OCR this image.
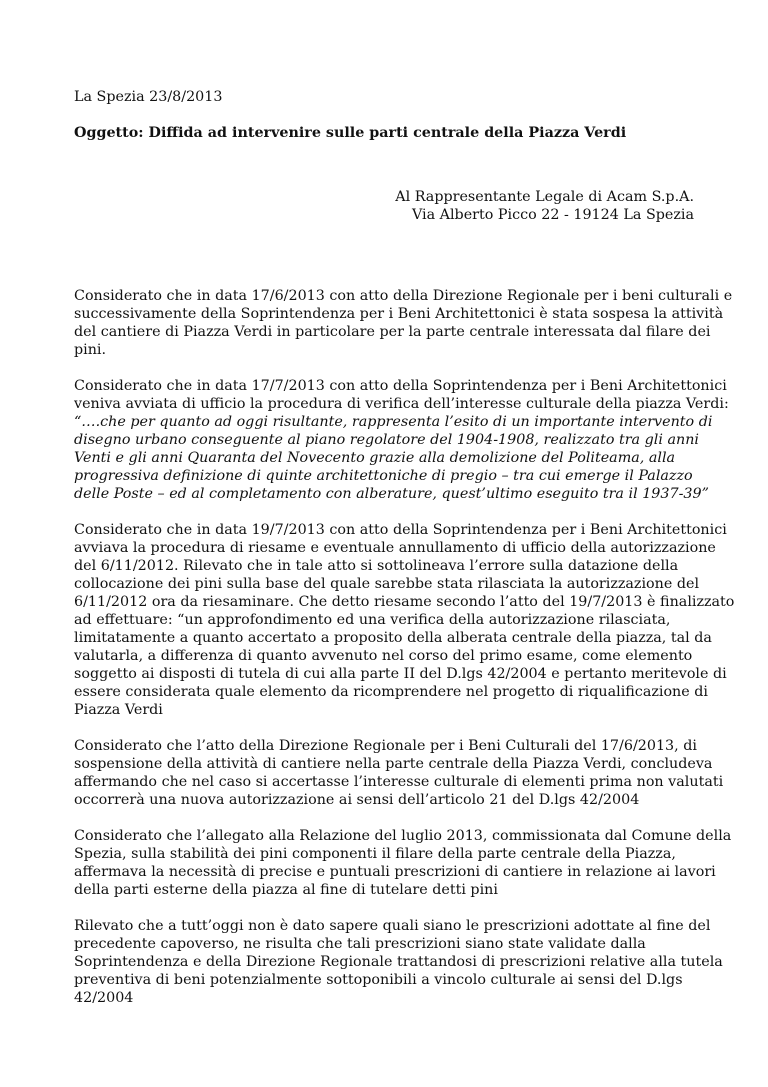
La Spezia 23/8/2013
Oggetto: Diffida ad intervenire sulle parti centrale della Piazza Verdi
Al Rappresentante Legale di Acam S.p.A.
Via Alberto Picco 22 - 19124 La Spezia
Considerato che in data 17/6/2013 con atto della Direzione Regionale per i beni culturali e
successivamente della Soprintendenza per i Beni Architettonici è stata sospesa la attività
del cantiere di Piazza Verdi in particolare per la parte centrale interessata dal filare dei
pini.
Considerato che in data 17/7/2013 con atto della Soprintendenza per i Beni Architettonici
veniva avviata di ufficio la procedura di verifica dell’interesse culturale della piazza Verdi:
“….che per quanto ad oggi risultante, rappresenta l’esito di un importante intervento di
disegno urbano conseguente al piano regolatore del 1904-1908, realizzato tra gli anni
Venti e gli anni Quaranta del Novecento grazie alla demolizione del Politeama, alla
progressiva definizione di quinte architettoniche di pregio – tra cui emerge il Palazzo
delle Poste – ed al completamento con alberature, quest’ultimo eseguito tra il 1937-39”
Considerato che in data 19/7/2013 con atto della Soprintendenza per i Beni Architettonici
avviava la procedura di riesame e eventuale annullamento di ufficio della autorizzazione
del 6/11/2012. Rilevato che in tale atto si sottolineava l’errore sulla datazione della
collocazione dei pini sulla base del quale sarebbe stata rilasciata la autorizzazione del
6/11/2012 ora da riesaminare. Che detto riesame secondo l’atto del 19/7/2013 è finalizzato
ad effettuare: “un approfondimento ed una verifica della autorizzazione rilasciata,
limitatamente a quanto accertato a proposito della alberata centrale della piazza, tal da
valutarla, a differenza di quanto avvenuto nel corso del primo esame, come elemento
soggetto ai disposti di tutela di cui alla parte II del D.lgs 42/2004 e pertanto meritevole di
essere considerata quale elemento da ricomprendere nel progetto di riqualificazione di
Piazza Verdi
Considerato che l’atto della Direzione Regionale per i Beni Culturali del 17/6/2013, di
sospensione della attività di cantiere nella parte centrale della Piazza Verdi, concludeva
affermando che nel caso si accertasse l’interesse culturale di elementi prima non valutati
occorrerà una nuova autorizzazione ai sensi dell’articolo 21 del D.lgs 42/2004
Considerato che l’allegato alla Relazione del luglio 2013, commissionata dal Comune della
Spezia, sulla stabilità dei pini componenti il filare della parte centrale della Piazza,
affermava la necessità di precise e puntuali prescrizioni di cantiere in relazione ai lavori
della parti esterne della piazza al fine di tutelare detti pini
Rilevato che a tutt’oggi non è dato sapere quali siano le prescrizioni adottate al fine del
precedente capoverso, ne risulta che tali prescrizioni siano state validate dalla
Soprintendenza e della Direzione Regionale trattandosi di prescrizioni relative alla tutela
preventiva di beni potenzialmente sottoponibili a vincolo culturale ai sensi del D.lgs
42/2004
